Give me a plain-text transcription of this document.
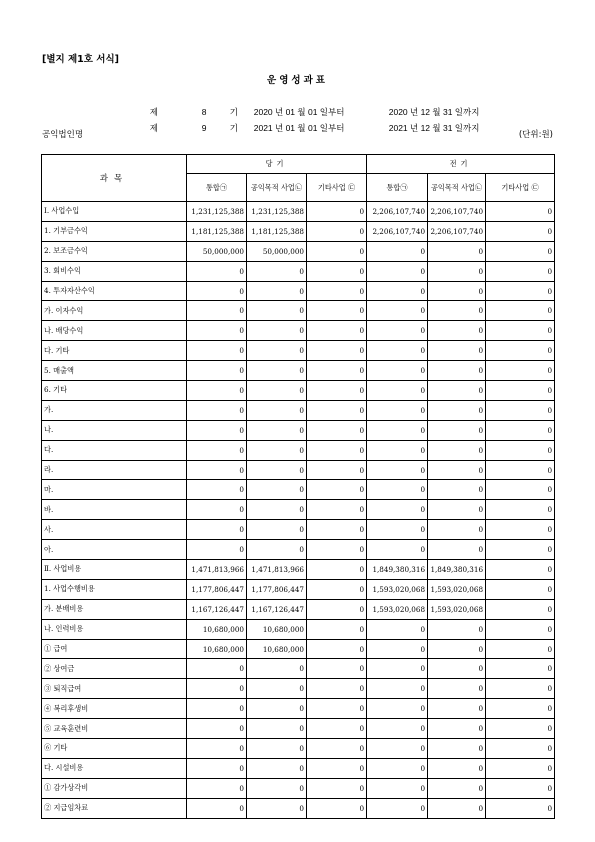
[별지 제1호 서식]
운영성과표

제	8	기 2020 년 01 월 01 일부터	2020 년 12 월 31 일까지

제	9	기 2021 년 01 월 01 일부터	2021 년 12 월 31 일까지

공익법인명	(단위:원)
과목	당기			전기		
	통합㉠	공익목적 사업㉡	기타사업 ㉢	통합㉠	공익목적 사업㉡	기타사업 ㉢
Ⅰ. 사업수입	1,231,125,388	1,231,125,388	0	2,206,107,740	2,206,107,740	0
1. 기부금수익	1,181,125,388	1,181,125,388	0	2,206,107,740	2,206,107,740	0
2. 보조금수익	50,000,000	50,000,000	0	0	0	0
3. 회비수익	0	0	0	0	0	0
4. 투자자산수익	0	0	0	0	0	0
가. 이자수익	0	0	0	0	0	0
나. 배당수익	0	0	0	0	0	0
다. 기타	0	0	0	0	0	0
5. 매출액	0	0	0	0	0	0
6. 기타	0	0	0	0	0	0
가.	0	0	0	0	0	0
나.	0	0	0	0	0	0
다.	0	0	0	0	0	0
라.	0	0	0	0	0	0
마.	0	0	0	0	0	0
바.	0	0	0	0	0	0
사.	0	0	0	0	0	0
아.	0	0	0	0	0	0
Ⅱ. 사업비용	1,471,813,966	1,471,813,966	0	1,849,380,316	1,849,380,316	0
1. 사업수행비용	1,177,806,447	1,177,806,447	0	1,593,020,068	1,593,020,068	0
가. 분배비용	1,167,126,447	1,167,126,447	0	1,593,020,068	1,593,020,068	0
나. 인력비용	10,680,000	10,680,000	0	0	0	0
① 급여	10,680,000	10,680,000	0	0	0	0
② 상여금	0	0	0	0	0	0
③ 퇴직급여	0	0	0	0	0	0
④ 복리후생비	0	0	0	0	0	0
⑤ 교육훈련비	0	0	0	0	0	0
⑥ 기타	0	0	0	0	0	0
다. 시설비용	0	0	0	0	0	0
① 감가상각비	0	0	0	0	0	0
② 지급임차료	0	0	0	0	0	0
